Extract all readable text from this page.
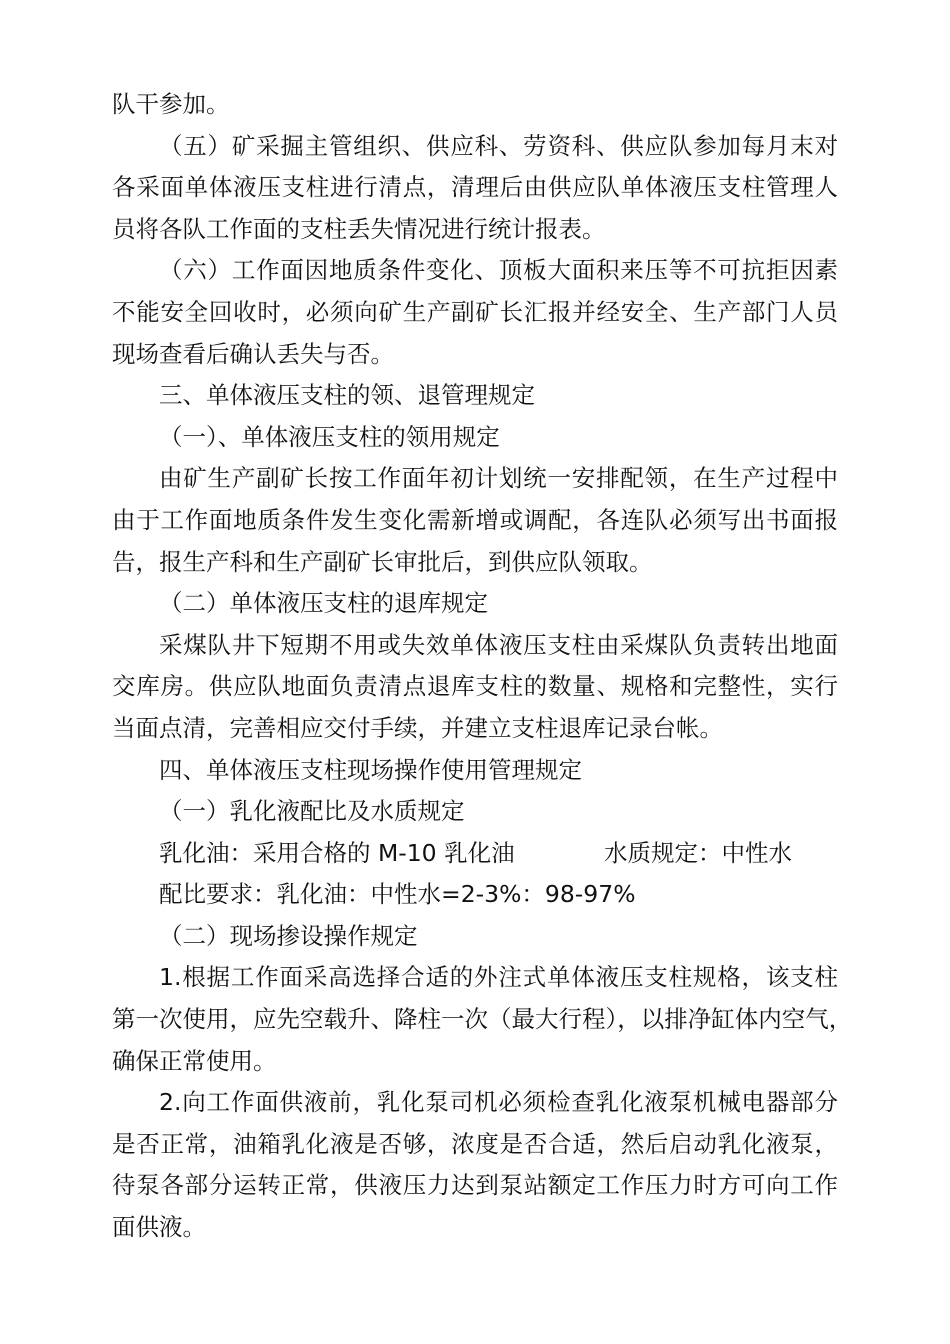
队干参加。
（五）矿采掘主管组织、供应科、劳资科、供应队参加每月末对
各采面单体液压支柱进行清点，清理后由供应队单体液压支柱管理人
员将各队工作面的支柱丢失情况进行统计报表。
（六）工作面因地质条件变化、顶板大面积来压等不可抗拒因素
不能安全回收时，必须向矿生产副矿长汇报并经安全、生产部门人员
现场查看后确认丢失与否。
三、单体液压支柱的领、退管理规定
（一）、单体液压支柱的领用规定
由矿生产副矿长按工作面年初计划统一安排配领，在生产过程中
由于工作面地质条件发生变化需新增或调配，各连队必须写出书面报
告，报生产科和生产副矿长审批后，到供应队领取。
（二）单体液压支柱的退库规定
采煤队井下短期不用或失效单体液压支柱由采煤队负责转出地面
交库房。供应队地面负责清点退库支柱的数量、规格和完整性，实行
当面点清，完善相应交付手续，并建立支柱退库记录台帐。
四、单体液压支柱现场操作使用管理规定
（一）乳化液配比及水质规定
乳化油：采用合格的 M-10 乳化油	水质规定：中性水
配比要求：乳化油：中性水=2-3%：98-97%
（二）现场掺设操作规定
1.根据工作面采高选择合适的外注式单体液压支柱规格，该支柱
第一次使用，应先空载升、降柱一次（最大行程），以排净缸体内空气，
确保正常使用。
2.向工作面供液前，乳化泵司机必须检查乳化液泵机械电器部分
是否正常，油箱乳化液是否够，浓度是否合适，然后启动乳化液泵，
待泵各部分运转正常，供液压力达到泵站额定工作压力时方可向工作
面供液。
